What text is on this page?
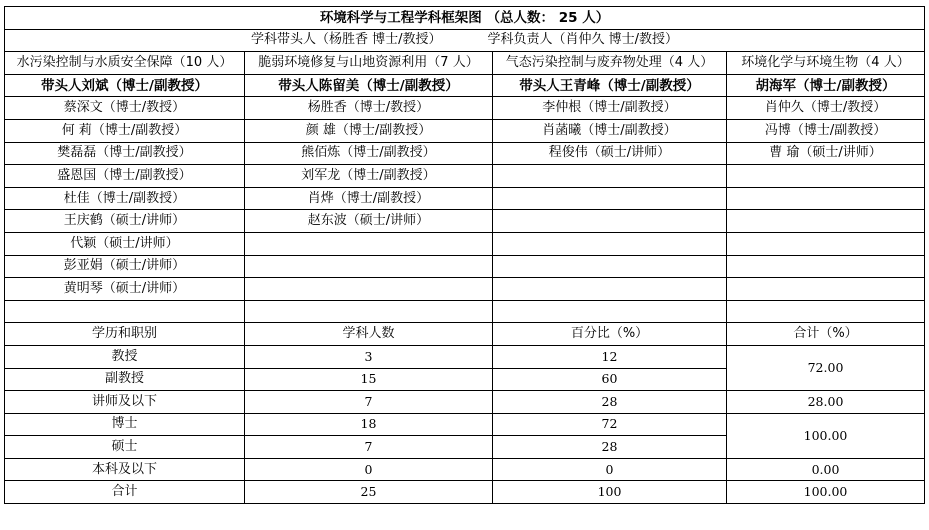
环境科学与工程学科框架图 （总人数： 25 人）			
学科带头人（杨胜香 博士/教授） 学科负责人（肖仲久 博士/教授）			
水污染控制与水质安全保障（10 人）	脆弱环境修复与山地资源利用（7 人）	气态污染控制与废弃物处理（4 人）	环境化学与环境生物（4 人）
带头人刘斌（博士/副教授）	带头人陈留美（博士/副教授）	带头人王青峰（博士/副教授）	胡海军（博士/副教授）
蔡深文（博士/教授）	杨胜香（博士/教授）	李仲根（博士/副教授）	肖仲久（博士/教授）
何 莉（博士/副教授）	颜 雄（博士/副教授）	肖菡曦（博士/副教授）	冯博（博士/副教授）
樊磊磊（博士/副教授）	熊佰炼（博士/副教授）	程俊伟（硕士/讲师）	曹 瑜（硕士/讲师）
盛恩国（博士/副教授）	刘军龙（博士/副教授）		
杜佳（博士/副教授）	肖烨（博士/副教授）		
王庆鹤（硕士/讲师）	赵东波（硕士/讲师）		
代颖（硕士/讲师）			
彭亚娟（硕士/讲师）			
黄明琴（硕士/讲师）			

学历和职别	学科人数	百分比（%）	合计（%）
教授	3	12	72.00
副教授	15	60	
讲师及以下	7	28	28.00
博士	18	72	100.00
硕士	7	28	
本科及以下	0	0	0.00
合计	25	100	100.00
